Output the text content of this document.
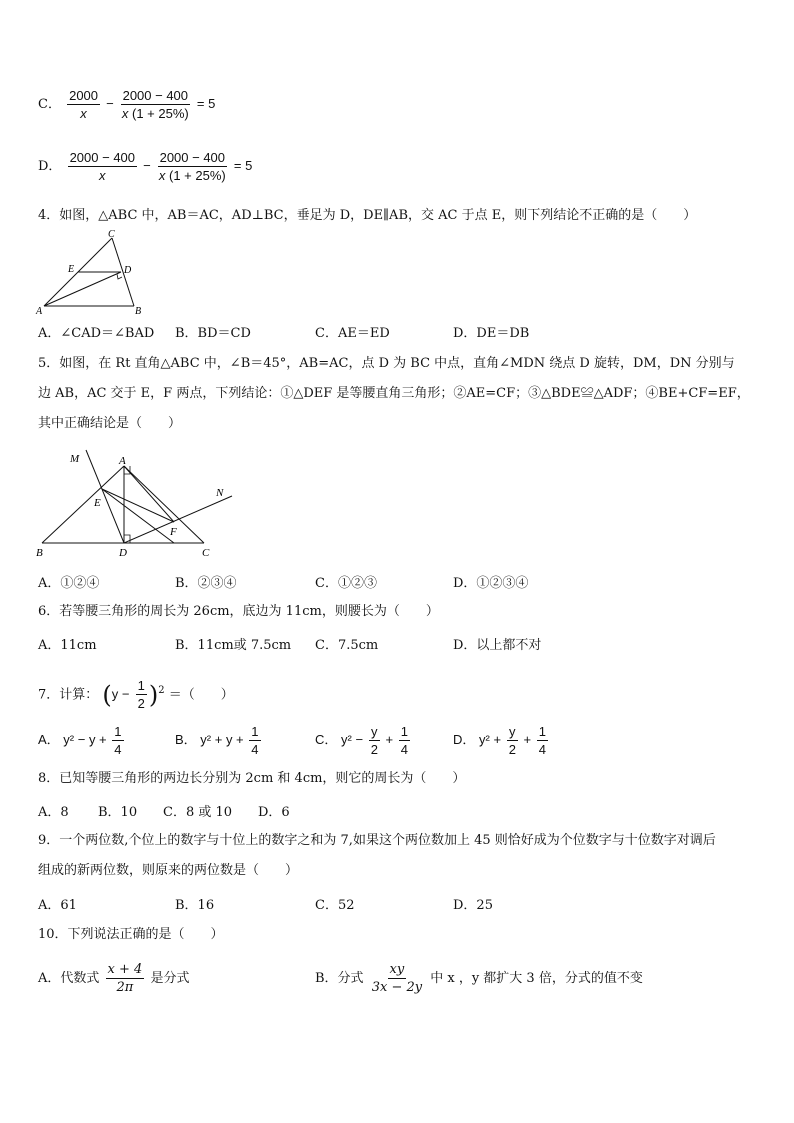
C． $\frac{2000}{x} - \frac{2000 - 400}{x (1 + 25\%)} = 5$
D． $\frac{2000 - 400}{x} - \frac{2000 - 400}{x (1 + 25\%)} = 5$
4．如图，△ABC 中，AB＝AC，AD⊥BC，垂足为 D，DE∥AB，交 AC 于点 E，则下列结论不正确的是（　　）
C
E	D
A	B
A．∠CAD＝∠BAD B．BD＝CD	C．AE＝ED	D．DE＝DB
5．如图，在 Rt 直角△ABC 中，∠B＝45°，AB=AC，点 D 为 BC 中点，直角∠MDN 绕点 D 旋转，DM，DN 分别与
边 AB，AC 交于 E，F 两点，下列结论：①△DEF 是等腰直角三角形；②AE=CF；③△BDE≌△ADF；④BE+CF=EF，
其中正确结论是（　　）
M	A
N
E
F
B	D	C
A．①②④	B．②③④	C．①②③	D．①②③④
6．若等腰三角形的周长为 26cm，底边为 11cm，则腰长为（　　）
A．11cm	B．11cm或 7.5cm C．7.5cm	D．以上都不对
7．计算： $(y - \frac{1}{2} )^2$ ＝（　　）
A． $y^2 - y + \frac{1}{4}$	B． $y^2 + y + \frac{1}{4}$	C． $y^2 - \frac{y}{2} + \frac{1}{4}$	D． $y^2 + \frac{y}{2} + \frac{1}{4}$
8．已知等腰三角形的两边长分别为 2cm 和 4cm，则它的周长为（　　）
A．8 B．10 C．8 或 10 D．6
9．一个两位数,个位上的数字与十位上的数字之和为 7,如果这个两位数加上 45 则恰好成为个位数字与十位数字对调后
组成的新两位数，则原来的两位数是（　　）
A．61	B．16	C．52	D．25
10．下列说法正确的是（　　）
A．代数式 $\frac{x + 4}{2\pi}$ 是分式	B．分式 $\frac{xy}{3x - 2y}$ 中 x ，y 都扩大 3 倍，分式的值不变
